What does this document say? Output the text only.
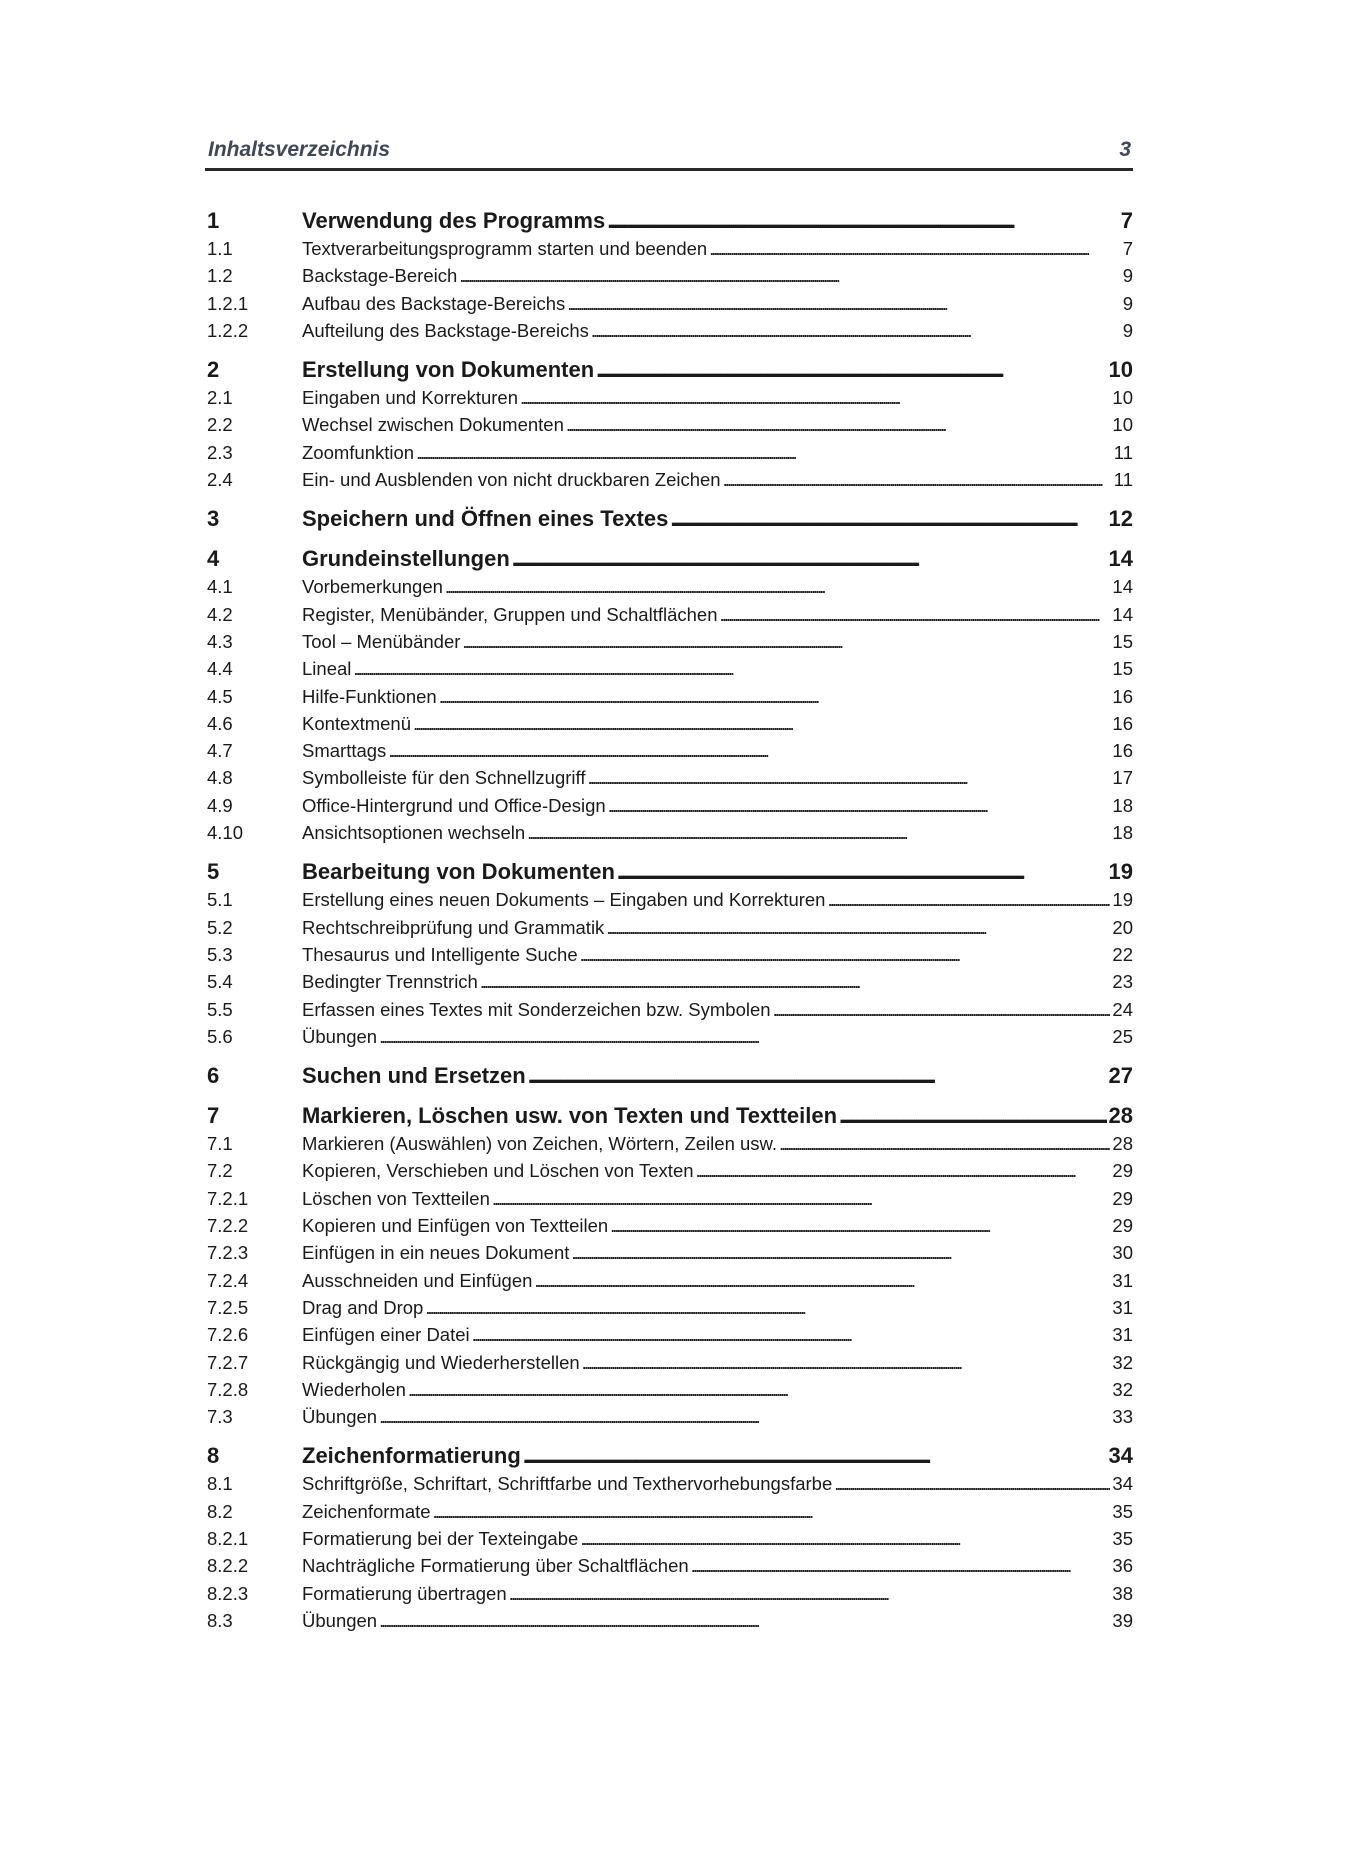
Inhaltsverzeichnis	3
1	Verwendung des Programms . . .	7
1.1	Textverarbeitungsprogramm starten und beenden . . .	7
1.2	Backstage-Bereich . . .	9
1.2.1	Aufbau des Backstage-Bereichs . . .	9
1.2.2	Aufteilung des Backstage-Bereichs . . .	9
2	Erstellung von Dokumenten . . .	10
2.1	Eingaben und Korrekturen . . .	10
2.2	Wechsel zwischen Dokumenten . . .	10
2.3	Zoomfunktion . . .	11
2.4	Ein- und Ausblenden von nicht druckbaren Zeichen . . .	11
3	Speichern und Öffnen eines Textes . . .	12
4	Grundeinstellungen . . .	14
4.1	Vorbemerkungen . . .	14
4.2	Register, Menübänder, Gruppen und Schaltflächen . . .	14
4.3	Tool – Menübänder . . .	15
4.4	Lineal . . .	15
4.5	Hilfe-Funktionen . . .	16
4.6	Kontextmenü . . .	16
4.7	Smarttags . . .	16
4.8	Symbolleiste für den Schnellzugriff . . .	17
4.9	Office-Hintergrund und Office-Design . . .	18
4.10	Ansichtsoptionen wechseln . . .	18
5	Bearbeitung von Dokumenten . . .	19
5.1	Erstellung eines neuen Dokuments – Eingaben und Korrekturen . . .	19
5.2	Rechtschreibprüfung und Grammatik . . .	20
5.3	Thesaurus und Intelligente Suche . . .	22
5.4	Bedingter Trennstrich . . .	23
5.5	Erfassen eines Textes mit Sonderzeichen bzw. Symbolen . . .	24
5.6	Übungen . . .	25
6	Suchen und Ersetzen . . .	27
7	Markieren, Löschen usw. von Texten und Textteilen . . .	28
7.1	Markieren (Auswählen) von Zeichen, Wörtern, Zeilen usw. . . .	28
7.2	Kopieren, Verschieben und Löschen von Texten . . .	29
7.2.1	Löschen von Textteilen . . .	29
7.2.2	Kopieren und Einfügen von Textteilen . . .	29
7.2.3	Einfügen in ein neues Dokument . . .	30
7.2.4	Ausschneiden und Einfügen . . .	31
7.2.5	Drag and Drop . . .	31
7.2.6	Einfügen einer Datei . . .	31
7.2.7	Rückgängig und Wiederherstellen . . .	32
7.2.8	Wiederholen . . .	32
7.3	Übungen . . .	33
8	Zeichenformatierung . . .	34
8.1	Schriftgröße, Schriftart, Schriftfarbe und Texthervorhebungsfarbe . . .	34
8.2	Zeichenformate . . .	35
8.2.1	Formatierung bei der Texteingabe . . .	35
8.2.2	Nachträgliche Formatierung über Schaltflächen . . .	36
8.2.3	Formatierung übertragen . . .	38
8.3	Übungen . . .	39
